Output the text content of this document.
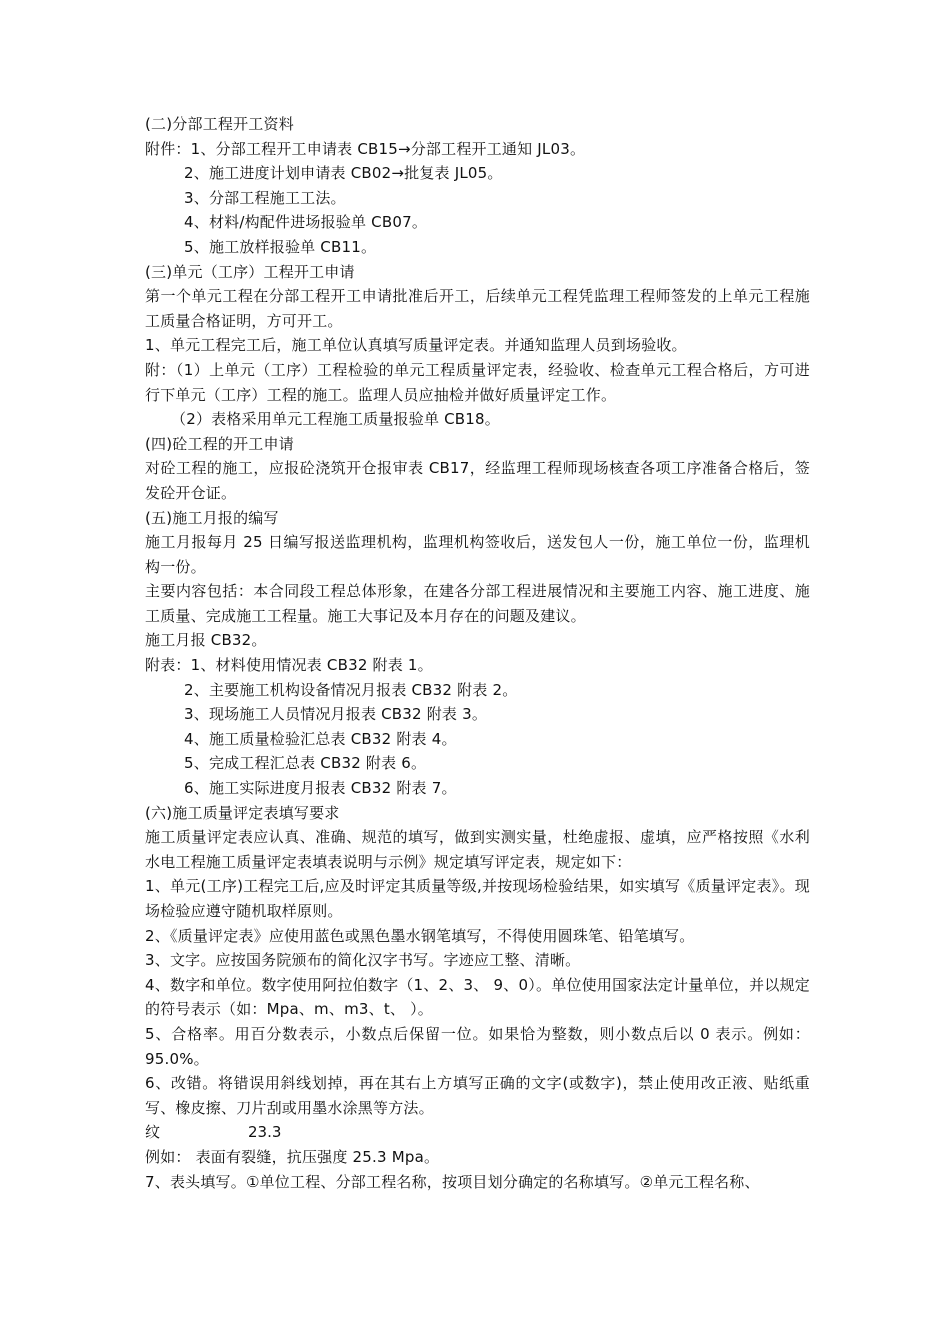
(二)分部工程开工资料
附件：1、分部工程开工申请表 CB15→分部工程开工通知 JL03。
2、施工进度计划申请表 CB02→批复表 JL05。
3、分部工程施工工法。
4、材料/构配件进场报验单 CB07。
5、施工放样报验单 CB11。
(三)单元（工序）工程开工申请
第一个单元工程在分部工程开工申请批准后开工，后续单元工程凭监理工程师签发的上单元工程施工质量合格证明，方可开工。
1、单元工程完工后，施工单位认真填写质量评定表。并通知监理人员到场验收。
附：（1）上单元（工序）工程检验的单元工程质量评定表，经验收、检查单元工程合格后，方可进行下单元（工序）工程的施工。监理人员应抽检并做好质量评定工作。
（2）表格采用单元工程施工质量报验单 CB18。
(四)砼工程的开工申请
对砼工程的施工，应报砼浇筑开仓报审表 CB17，经监理工程师现场核查各项工序准备合格后，签发砼开仓证。
(五)施工月报的编写
施工月报每月 25 日编写报送监理机构，监理机构签收后，送发包人一份，施工单位一份，监理机构一份。
主要内容包括：本合同段工程总体形象，在建各分部工程进展情况和主要施工内容、施工进度、施工质量、完成施工工程量。施工大事记及本月存在的问题及建议。
施工月报 CB32。
附表：1、材料使用情况表 CB32 附表 1。
2、主要施工机构设备情况月报表 CB32 附表 2。
3、现场施工人员情况月报表 CB32 附表 3。
4、施工质量检验汇总表 CB32 附表 4。
5、完成工程汇总表 CB32 附表 6。
6、施工实际进度月报表 CB32 附表 7。
(六)施工质量评定表填写要求
施工质量评定表应认真、准确、规范的填写，做到实测实量，杜绝虚报、虚填，应严格按照《水利水电工程施工质量评定表填表说明与示例》规定填写评定表，规定如下：
1、单元(工序)工程完工后,应及时评定其质量等级,并按现场检验结果，如实填写《质量评定表》。现场检验应遵守随机取样原则。
2、《质量评定表》应使用蓝色或黑色墨水钢笔填写，不得使用圆珠笔、铅笔填写。
3、文字。应按国务院颁布的简化汉字书写。字迹应工整、清晰。
4、数字和单位。数字使用阿拉伯数字（1、2、3、 9、0）。单位使用国家法定计量单位，并以规定的符号表示（如：Mpa、m、m3、t、 ）。
5、合格率。用百分数表示，小数点后保留一位。如果恰为整数，则小数点后以 0 表示。例如：95.0%。
6、改错。将错误用斜线划掉，再在其右上方填写正确的文字(或数字)，禁止使用改正液、贴纸重写、橡皮擦、刀片刮或用墨水涂黑等方法。
纹	23.3
例如： 表面有裂缝，抗压强度 25.3 Mpa。
7、表头填写。①单位工程、分部工程名称，按项目划分确定的名称填写。②单元工程名称、
